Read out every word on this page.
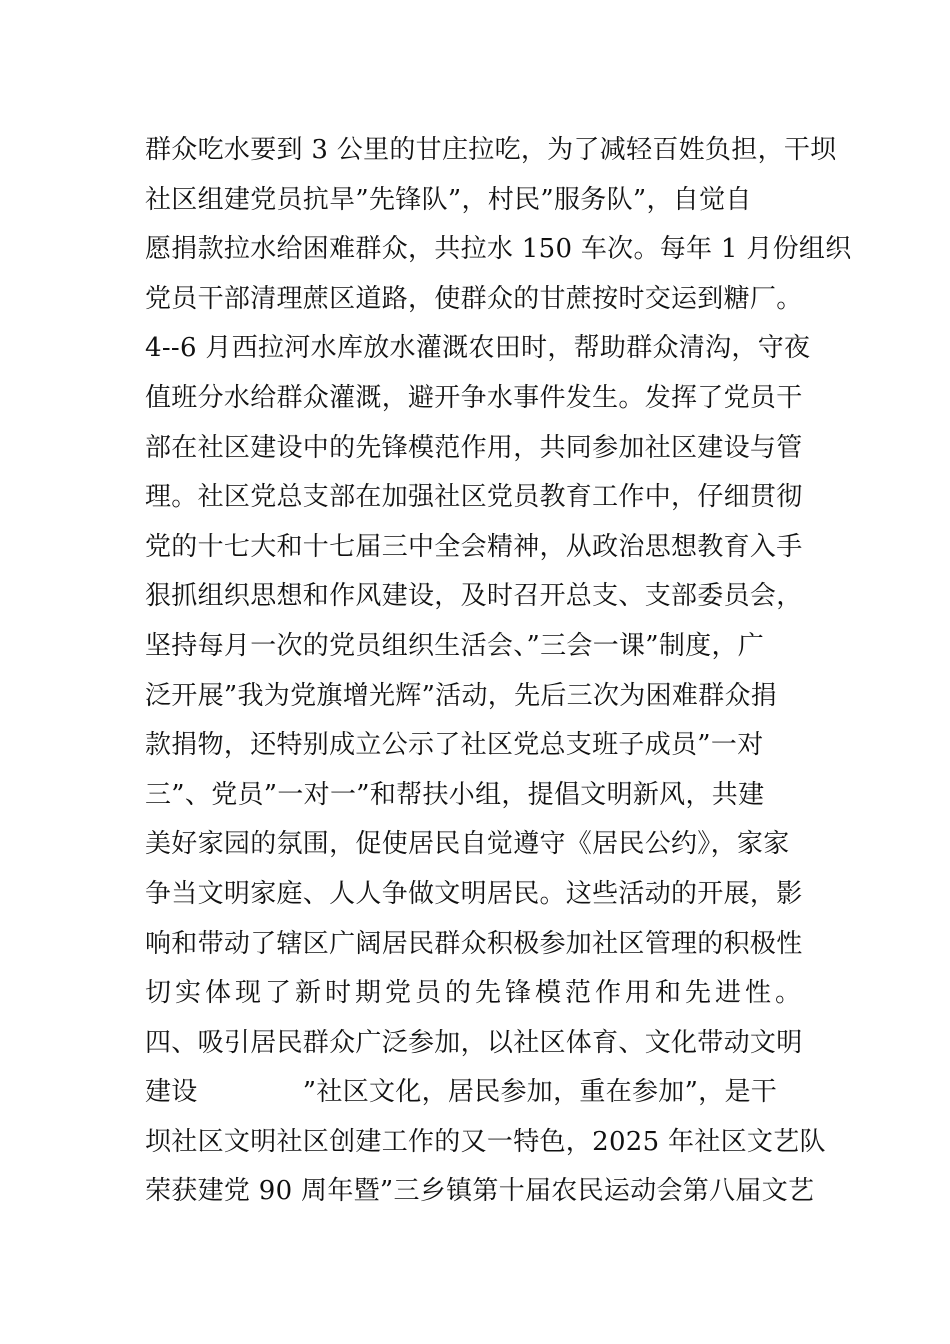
群众吃水要到 3 公里的甘庄拉吃，为了减轻百姓负担，干坝
社区组建党员抗旱”先锋队”，村民”服务队”，自觉自
愿捐款拉水给困难群众，共拉水 150 车次。每年 1 月份组织
党员干部清理蔗区道路，使群众的甘蔗按时交运到糖厂。
4--6 月西拉河水库放水灌溉农田时，帮助群众清沟，守夜
值班分水给群众灌溉，避开争水事件发生。发挥了党员干
部在社区建设中的先锋模范作用，共同参加社区建设与管
理。社区党总支部在加强社区党员教育工作中，仔细贯彻
党的十七大和十七届三中全会精神，从政治思想教育入手
狠抓组织思想和作风建设，及时召开总支、支部委员会，
坚持每月一次的党员组织生活会、”三会一课”制度，广
泛开展”我为党旗增光辉”活动，先后三次为困难群众捐
款捐物，还特别成立公示了社区党总支班子成员”一对
三”、党员”一对一”和帮扶小组，提倡文明新风，共建
美好家园的氛围，促使居民自觉遵守《居民公约》，家家
争当文明家庭、人人争做文明居民。这些活动的开展，影
响和带动了辖区广阔居民群众积极参加社区管理的积极性
切实体现了新时期党员的先锋模范作用和先进性。
四、吸引居民群众广泛参加，以社区体育、文化带动文明
建设　　　　”社区文化，居民参加，重在参加”，是干
坝社区文明社区创建工作的又一特色，2025 年社区文艺队
荣获建党 90 周年暨”三乡镇第十届农民运动会第八届文艺
